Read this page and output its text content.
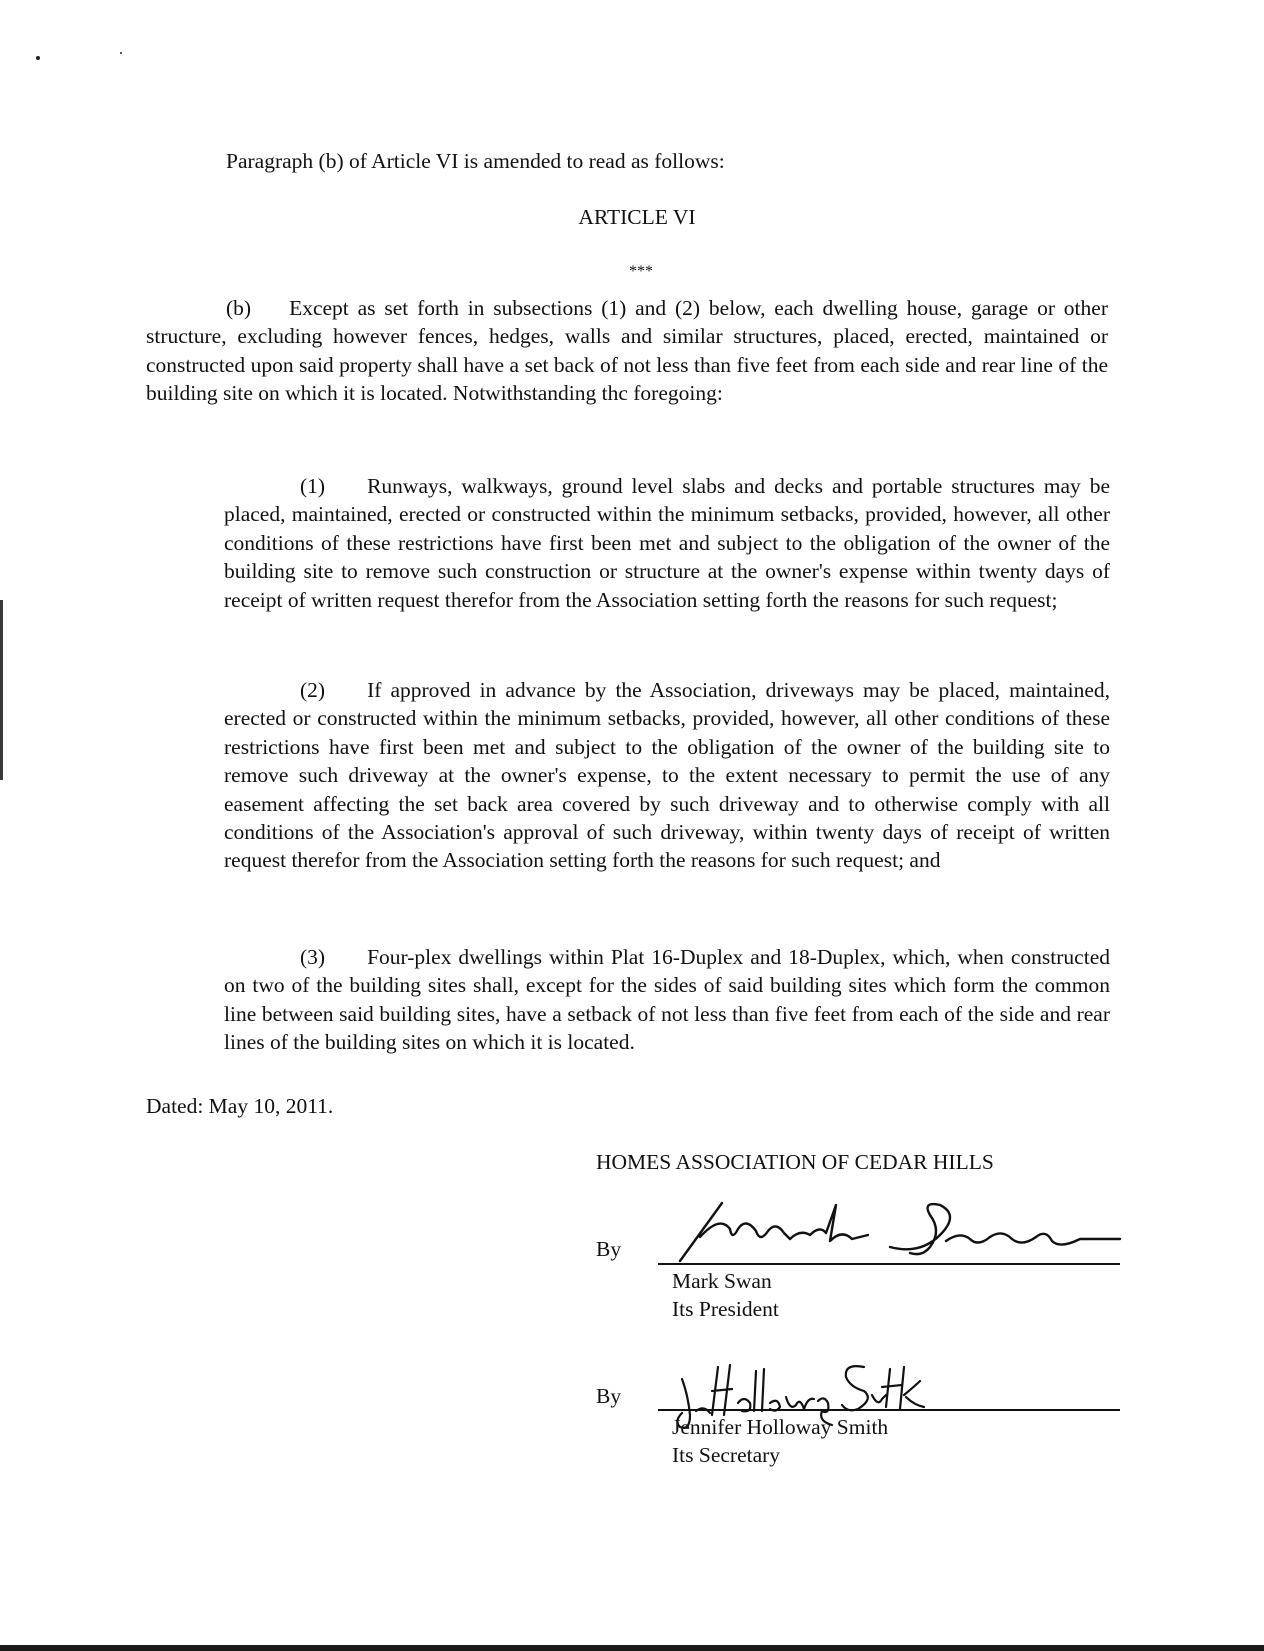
Paragraph (b) of Article VI is amended to read as follows:
ARTICLE VI
***
(b) Except as set forth in subsections (1) and (2) below, each dwelling house, garage or other structure, excluding however fences, hedges, walls and similar structures, placed, erected, maintained or constructed upon said property shall have a set back of not less than five feet from each side and rear line of the building site on which it is located. Notwithstanding thc foregoing:
(1) Runways, walkways, ground level slabs and decks and portable structures may be placed, maintained, erected or constructed within the minimum setbacks, provided, however, all other conditions of these restrictions have first been met and subject to the obligation of the owner of the building site to remove such construction or structure at the owner's expense within twenty days of receipt of written request therefor from the Association setting forth the reasons for such request;
(2) If approved in advance by the Association, driveways may be placed, maintained, erected or constructed within the minimum setbacks, provided, however, all other conditions of these restrictions have first been met and subject to the obligation of the owner of the building site to remove such driveway at the owner's expense, to the extent necessary to permit the use of any easement affecting the set back area covered by such driveway and to otherwise comply with all conditions of the Association's approval of such driveway, within twenty days of receipt of written request therefor from the Association setting forth the reasons for such request; and
(3) Four-plex dwellings within Plat 16-Duplex and 18-Duplex, which, when constructed on two of the building sites shall, except for the sides of said building sites which form the common line between said building sites, have a setback of not less than five feet from each of the side and rear lines of the building sites on which it is located.
Dated: May 10, 2011.
HOMES ASSOCIATION OF CEDAR HILLS
By
Mark Swan
Its President
By
Jennifer Holloway Smith
Its Secretary
